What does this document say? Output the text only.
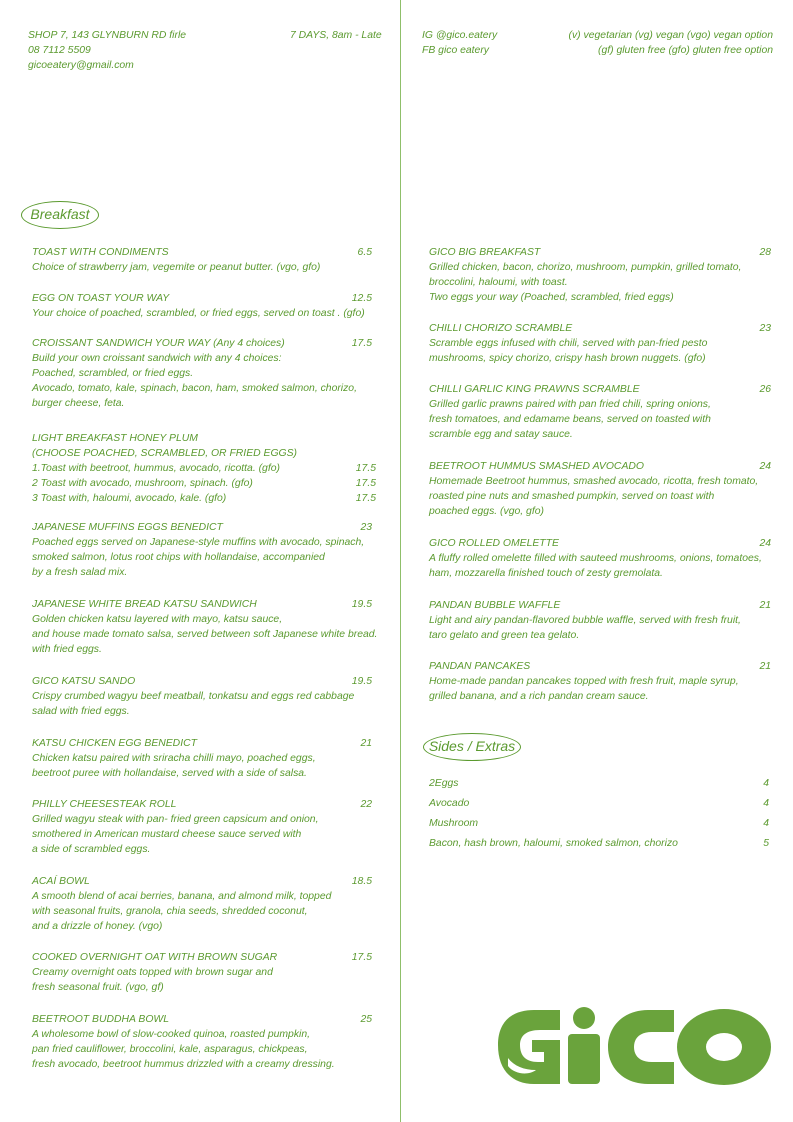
SHOP 7, 143 GLYNBURN RD firle
08 7112 5509
gicoeatery@gmail.com
7 DAYS, 8am - Late	IG @gico.eatery
FB gico eatery
(v) vegetarian (vg) vegan (vgo) vegan option
(gf) gluten free (gfo) gluten free option
Breakfast
Sides / Extras
TOAST WITH CONDIMENTS	6.5
Choice of strawberry jam, vegemite or peanut butter. (vgo, gfo)
EGG ON TOAST YOUR WAY	12.5
Your choice of poached, scrambled, or fried eggs, served on toast . (gfo)
CROISSANT SANDWICH YOUR WAY (Any 4 choices)	17.5
Build your own croissant sandwich with any 4 choices:
Poached, scrambled, or fried eggs.
Avocado, tomato, kale, spinach, bacon, ham, smoked salmon, chorizo,
burger cheese, feta.
JAPANESE MUFFINS EGGS BENEDICT	23
Poached eggs served on Japanese-style muffins with avocado, spinach,
smoked salmon, lotus root chips with hollandaise, accompanied
by a fresh salad mix.
JAPANESE WHITE BREAD KATSU SANDWICH	19.5
Golden chicken katsu layered with mayo, katsu sauce,
and house made tomato salsa, served between soft Japanese white bread.
with fried eggs.
GICO KATSU SANDO	19.5
Crispy crumbed wagyu beef meatball, tonkatsu and eggs red cabbage
salad with fried eggs.
KATSU CHICKEN EGG BENEDICT	21
Chicken katsu paired with sriracha chilli mayo, poached eggs,
beetroot puree with hollandaise, served with a side of salsa.
PHILLY CHEESESTEAK ROLL	22
Grilled wagyu steak with pan- fried green capsicum and onion,
smothered in American mustard cheese sauce served with
a side of scrambled eggs.
ACAÍ BOWL	18.5
A smooth blend of acai berries, banana, and almond milk, topped
with seasonal fruits, granola, chia seeds, shredded coconut,
and a drizzle of honey. (vgo)
COOKED OVERNIGHT OAT WITH BROWN SUGAR	17.5
Creamy overnight oats topped with brown sugar and
fresh seasonal fruit. (vgo, gf)
BEETROOT BUDDHA BOWL	25
A wholesome bowl of slow-cooked quinoa, roasted pumpkin,
pan fried cauliflower, broccolini, kale, asparagus, chickpeas,
fresh avocado, beetroot hummus drizzled with a creamy dressing.
LIGHT BREAKFAST HONEY PLUM
(CHOOSE POACHED, SCRAMBLED, OR FRIED EGGS)
1.Toast with beetroot, hummus, avocado, ricotta. (gfo)	17.5
2 Toast with avocado, mushroom, spinach. (gfo)	17.5
3 Toast with, haloumi, avocado, kale. (gfo)	17.5
GICO BIG BREAKFAST	28
Grilled chicken, bacon, chorizo, mushroom, pumpkin, grilled tomato,
broccolini, haloumi, with toast.
Two eggs your way (Poached, scrambled, fried eggs)
CHILLI CHORIZO SCRAMBLE	23
Scramble eggs infused with chili, served with pan-fried pesto
mushrooms, spicy chorizo, crispy hash brown nuggets. (gfo)
CHILLI GARLIC KING PRAWNS SCRAMBLE	26
Grilled garlic prawns paired with pan fried chili, spring onions,
fresh tomatoes, and edamame beans, served on toasted with
scramble egg and satay sauce.
BEETROOT HUMMUS SMASHED AVOCADO	24
Homemade Beetroot hummus, smashed avocado, ricotta, fresh tomato,
roasted pine nuts and smashed pumpkin, served on toast with
poached eggs. (vgo, gfo)
GICO ROLLED OMELETTE	24
A fluffy rolled omelette filled with sauteed mushrooms, onions, tomatoes,
ham, mozzarella finished touch of zesty gremolata.
PANDAN BUBBLE WAFFLE	21
Light and airy pandan-flavored bubble waffle, served with fresh fruit,
taro gelato and green tea gelato.
PANDAN PANCAKES	21
Home-made pandan pancakes topped with fresh fruit, maple syrup,
grilled banana, and a rich pandan cream sauce.
2Eggs	4
Avocado	4
Mushroom	4
Bacon, hash brown, haloumi, smoked salmon, chorizo	5
